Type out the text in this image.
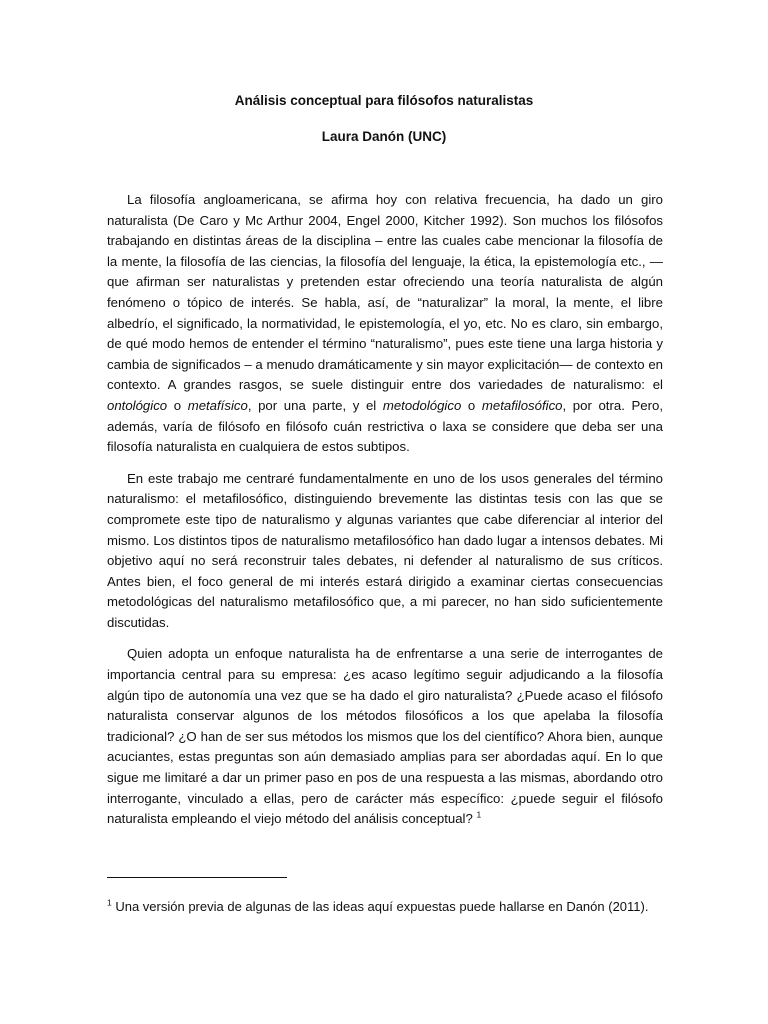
Análisis conceptual para filósofos naturalistas
Laura Danón (UNC)

La filosofía angloamericana, se afirma hoy con relativa frecuencia, ha dado un giro naturalista (De Caro y Mc Arthur 2004, Engel 2000, Kitcher 1992). Son muchos los filósofos trabajando en distintas áreas de la disciplina – entre las cuales cabe mencionar la filosofía de la mente, la filosofía de las ciencias, la filosofía del lenguaje, la ética, la epistemología etc., — que afirman ser naturalistas y pretenden estar ofreciendo una teoría naturalista de algún fenómeno o tópico de interés. Se habla, así, de “naturalizar” la moral, la mente, el libre albedrío, el significado, la normatividad, le epistemología, el yo, etc. No es claro, sin embargo, de qué modo hemos de entender el término “naturalismo”, pues este tiene una larga historia y cambia de significados – a menudo dramáticamente y sin mayor explicitación— de contexto en contexto. A grandes rasgos, se suele distinguir entre dos variedades de naturalismo: el ontológico o metafísico, por una parte, y el metodológico o metafilosófico, por otra. Pero, además, varía de filósofo en filósofo cuán restrictiva o laxa se considere que deba ser una filosofía naturalista en cualquiera de estos subtipos.

En este trabajo me centraré fundamentalmente en uno de los usos generales del término naturalismo: el metafilosófico, distinguiendo brevemente las distintas tesis con las que se compromete este tipo de naturalismo y algunas variantes que cabe diferenciar al interior del mismo. Los distintos tipos de naturalismo metafilosófico han dado lugar a intensos debates. Mi objetivo aquí no será reconstruir tales debates, ni defender al naturalismo de sus críticos. Antes bien, el foco general de mi interés estará dirigido a examinar ciertas consecuencias metodológicas del naturalismo metafilosófico que, a mi parecer, no han sido suficientemente discutidas.

Quien adopta un enfoque naturalista ha de enfrentarse a una serie de interrogantes de importancia central para su empresa: ¿es acaso legítimo seguir adjudicando a la filosofía algún tipo de autonomía una vez que se ha dado el giro naturalista? ¿Puede acaso el filósofo naturalista conservar algunos de los métodos filosóficos a los que apelaba la filosofía tradicional? ¿O han de ser sus métodos los mismos que los del científico? Ahora bien, aunque acuciantes, estas preguntas son aún demasiado amplias para ser abordadas aquí. En lo que sigue me limitaré a dar un primer paso en pos de una respuesta a las mismas, abordando otro interrogante, vinculado a ellas, pero de carácter más específico: ¿puede seguir el filósofo naturalista empleando el viejo método del análisis conceptual? $^1$

$^1$ Una versión previa de algunas de las ideas aquí expuestas puede hallarse en Danón (2011).
